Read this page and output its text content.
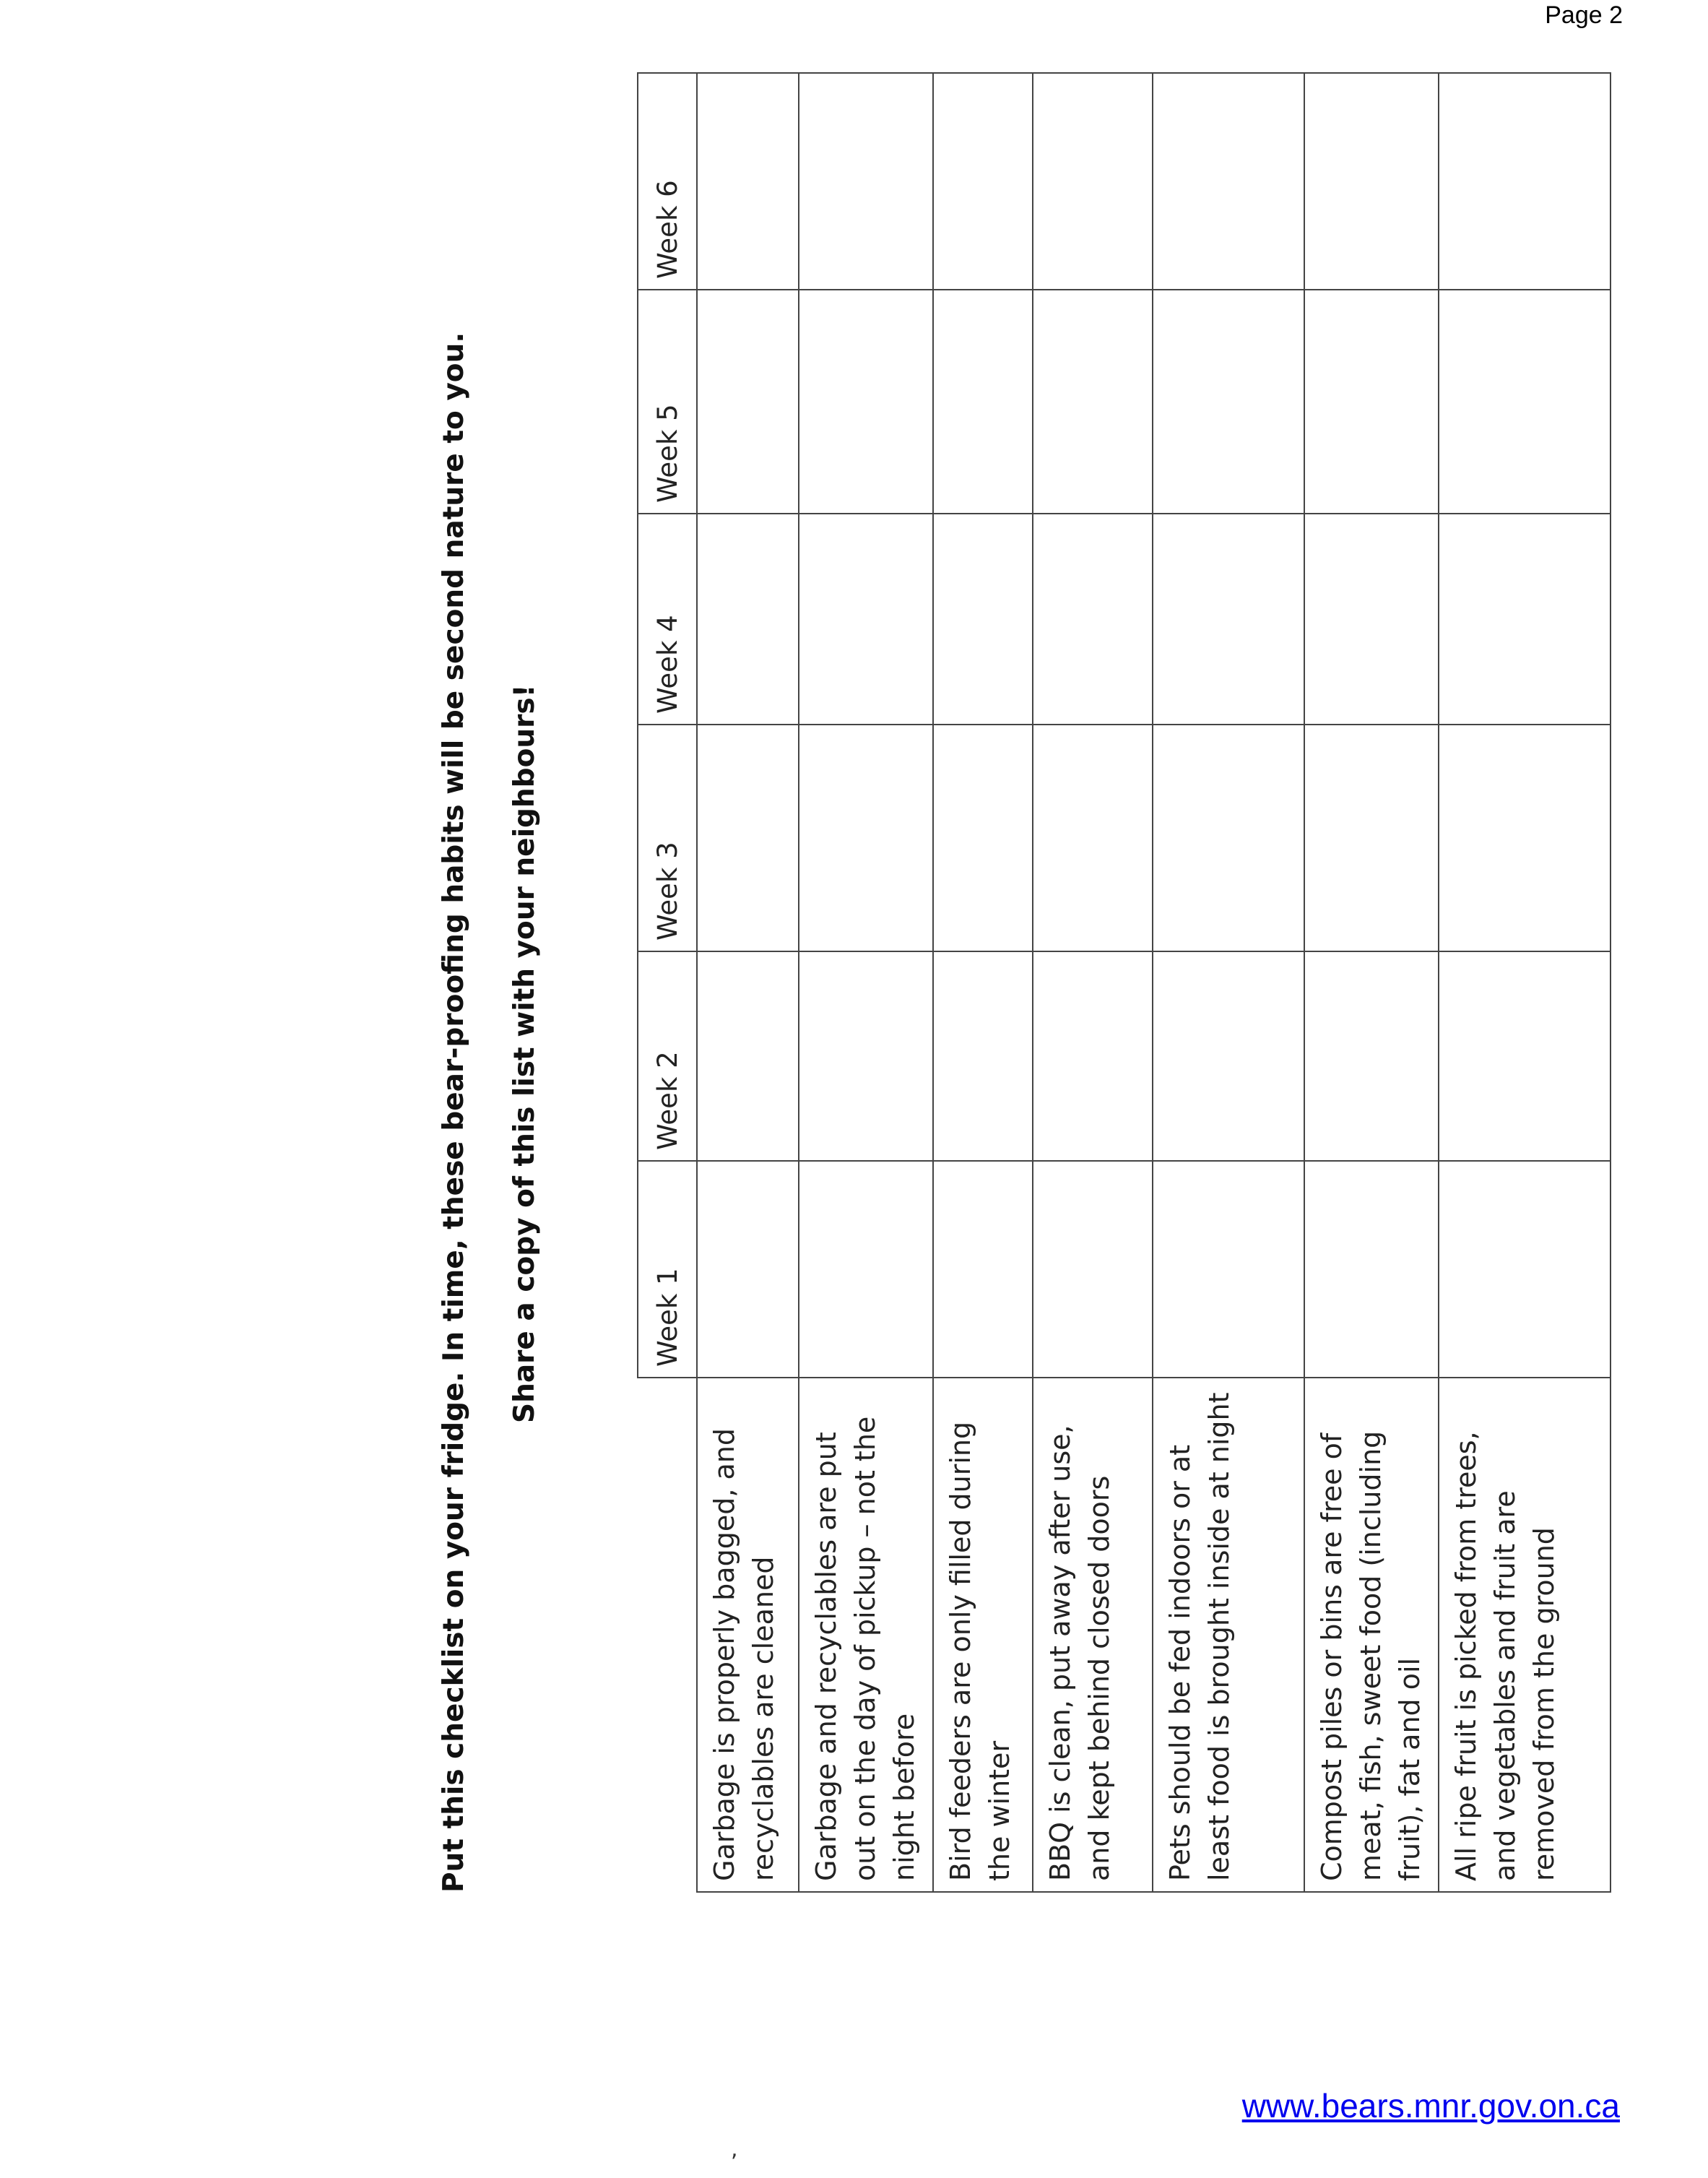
Page 2
Put this checklist on your fridge. In time, these bear-proofing habits will be second nature to you. Share a copy of this list with your neighbours!
		Week 1	Week 2	Week 3	Week 4	Week 5	Week 6
Garbage is properly bagged, and recyclables are cleaned						
Garbage and recyclables are put out on the day of pickup – not the night before						
Bird feeders are only filled during the winter						
BBQ is clean, put away after use, and kept behind closed doors						
Pets should be fed indoors or at least food is brought inside at night						
Compost piles or bins are free of meat, fish, sweet food (including fruit), fat and oil						
All ripe fruit is picked from trees, and vegetables and fruit are removed from the ground						
,
www.bears.mnr.gov.on.ca
